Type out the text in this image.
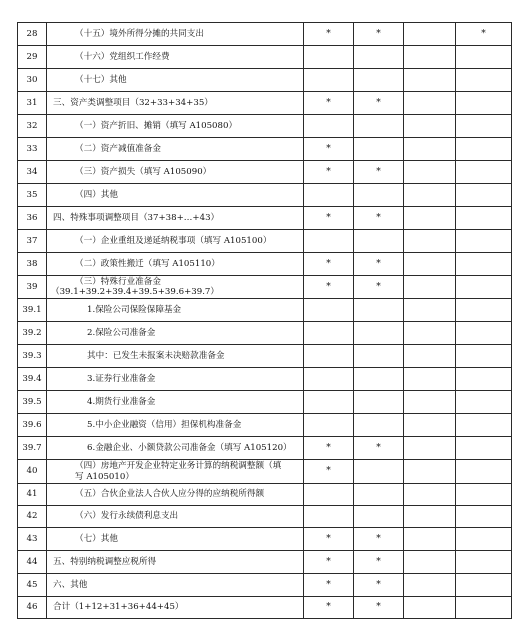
28	（十五）境外所得分摊的共同支出	*	*		*
29	（十六）党组织工作经费				
30	（十七）其他				
31	三、资产类调整项目（32+33+34+35）	*	*		
32	（一）资产折旧、摊销（填写 A105080）				
33	（二）资产减值准备金	*			
34	（三）资产损失（填写 A105090）	*	*		
35	（四）其他				
36	四、特殊事项调整项目（37+38+…+43）	*	*		
37	（一）企业重组及递延纳税事项（填写 A105100）				
38	（二）政策性搬迁（填写 A105110）	*	*		
39	（三）特殊行业准备金
（39.1+39.2+39.4+39.5+39.6+39.7）	*	*		
39.1	1.保险公司保险保障基金				
39.2	2.保险公司准备金				
39.3	其中：已发生未报案未决赔款准备金				
39.4	3.证券行业准备金				
39.5	4.期货行业准备金				
39.6	5.中小企业融资（信用）担保机构准备金				
39.7	6.金融企业、小额贷款公司准备金（填写 A105120）	*	*		
40	（四）房地产开发企业特定业务计算的纳税调整额（填
写 A105010）	*			
41	（五）合伙企业法人合伙人应分得的应纳税所得额				
42	（六）发行永续债利息支出				
43	（七）其他	*	*		
44	五、特别纳税调整应税所得	*	*		
45	六、其他	*	*		
46	合计（1+12+31+36+44+45）	*	*		
